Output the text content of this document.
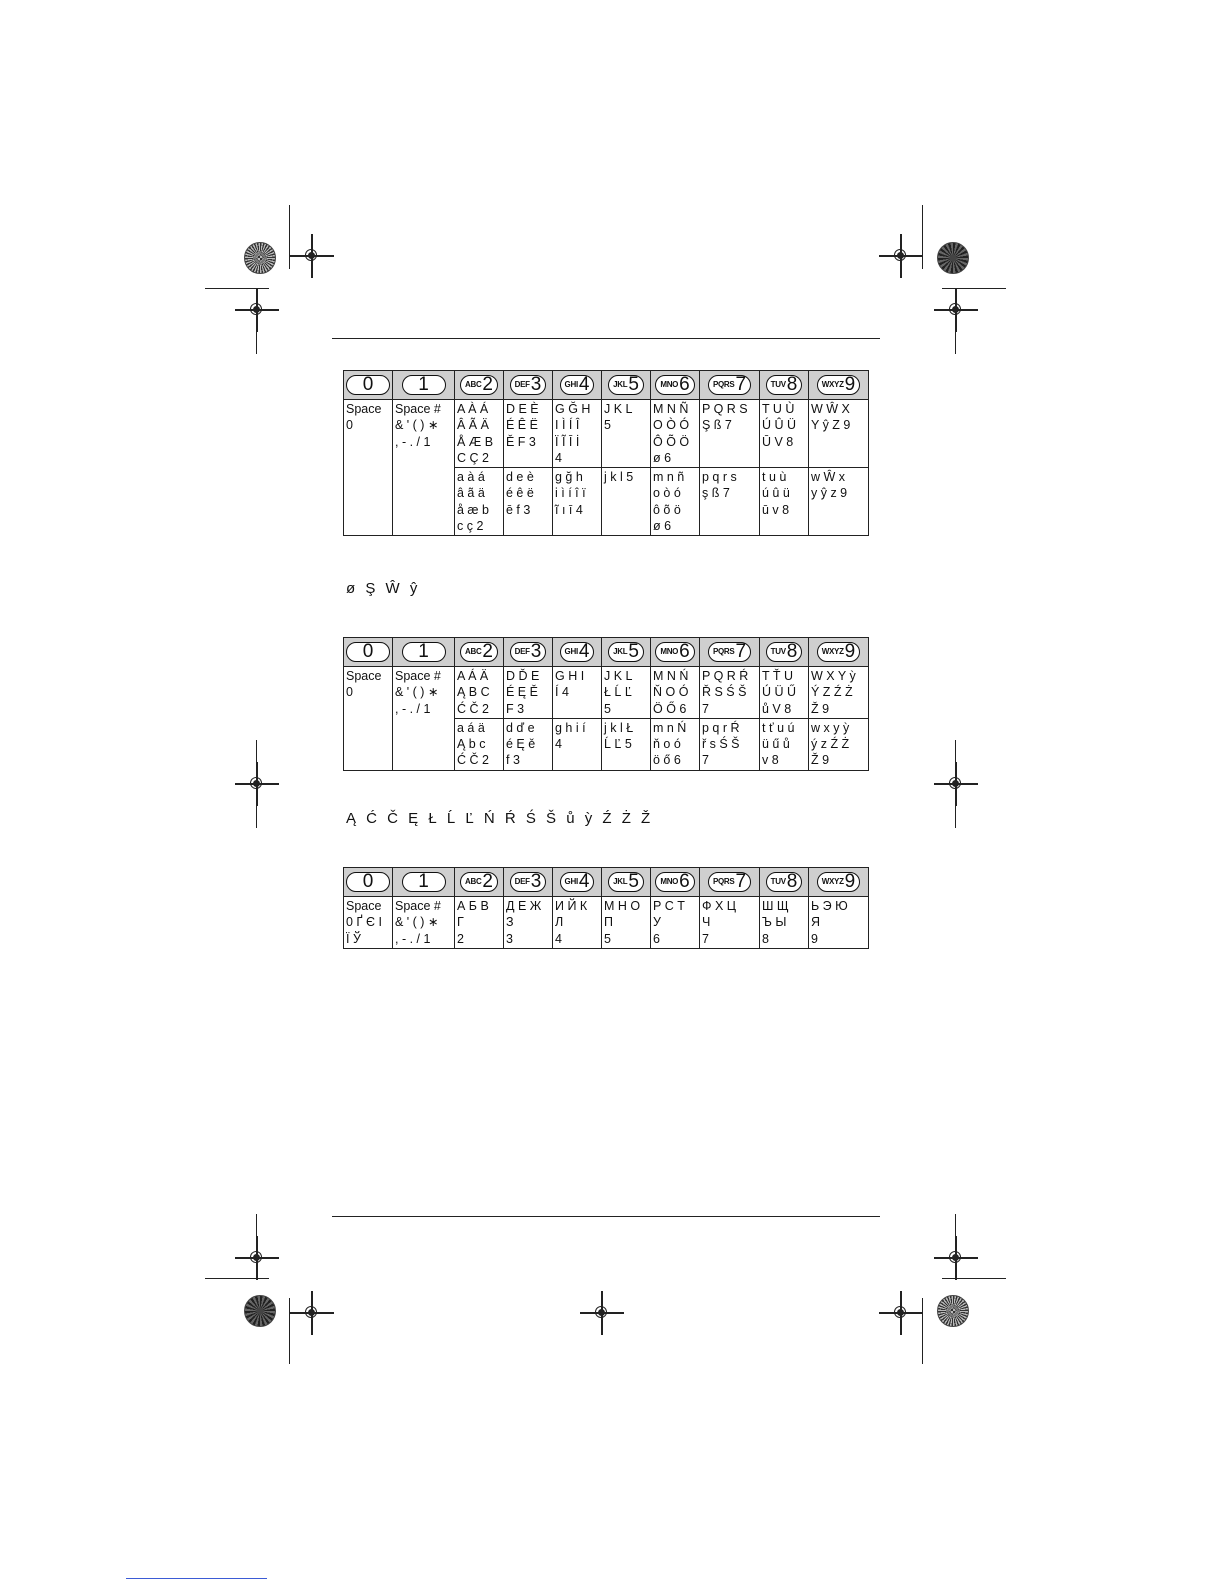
0	1	ABC 2	DEF 3	GHI 4	JKL 5	MNO 6	PQRS 7	TUV 8	WXYZ 9

Space
0	Space #
& ' ( ) ∗
, - . / 1	A À Á
Â Ã Ä
Å Æ B
C Ç 2	D E È
É Ê Ë
Ě F 3	G Ğ H
I Ì Í Î
Ï Ĩ Ī İ
4	J K L
5	M N Ñ
O Ò Ó
Ô Õ Ö
ø 6	P Q R S
Ş ß 7	T U Ù
Ú Û Ü
Ū V 8	W Ŵ X
Y ŷ Z 9
		a à á
â ã ä
å æ b
c ç 2	d e è
é ê ë
ē f 3	g ğ h
i ì í î ï
ĩ ı ī 4	j k l 5	m n ñ
o ò ó
ô õ ö
ø 6	p q r s
ş ß 7	t u ù
ú û ü
ū v 8	w Ŵ x
y ŷ z 9
ø Ş Ŵ ŷ
0	1	ABC 2	DEF 3	GHI 4	JKL 5	MNO 6	PQRS 7	TUV 8	WXYZ 9

Space
0	Space #
& ' ( ) ∗
, - . / 1	A Á Ä
Ą B C
Ć Č 2	D Ď E
É Ę Ě
F 3	G H I
Í 4	J K L
Ł Ĺ Ľ
5	M N Ń
Ň O Ó
Ö Ő 6	P Q R Ŕ
Ř S Ś Š
7	T Ť U
Ú Ü Ű
ů V 8	W X Y ỳ
Ý Z Ź Ż
Ž 9
		a á ä
Ą b c
Ć Č 2	d ď e
é Ę ě
f 3	g h i í
4	j k l Ł
Ĺ Ľ 5	m n Ń
ň o ó
ö ő 6	p q r Ŕ
ř s Ś Š
7	t ť u ú
ü ű ů
v 8	w x y ỳ
ý z Ź Ż
Ž 9
Ą Ć Č Ę Ł Ĺ Ľ Ń Ŕ Ś Š ů ỳ Ź Ż Ž
0	1	ABC 2	DEF 3	GHI 4	JKL 5	MNO 6	PQRS 7	TUV 8	WXYZ 9

Space
0 Ґ Є І
Ї Ў	Space #
& ' ( ) ∗
, - . / 1	А Б В
Г
2	Д Е Ж
З
3	И Й К
Л
4	М Н О
П
5	Р С Т
У
6	Ф Х Ц
Ч
7	Ш Щ
Ъ Ы
8	Ь Э Ю
Я
9
